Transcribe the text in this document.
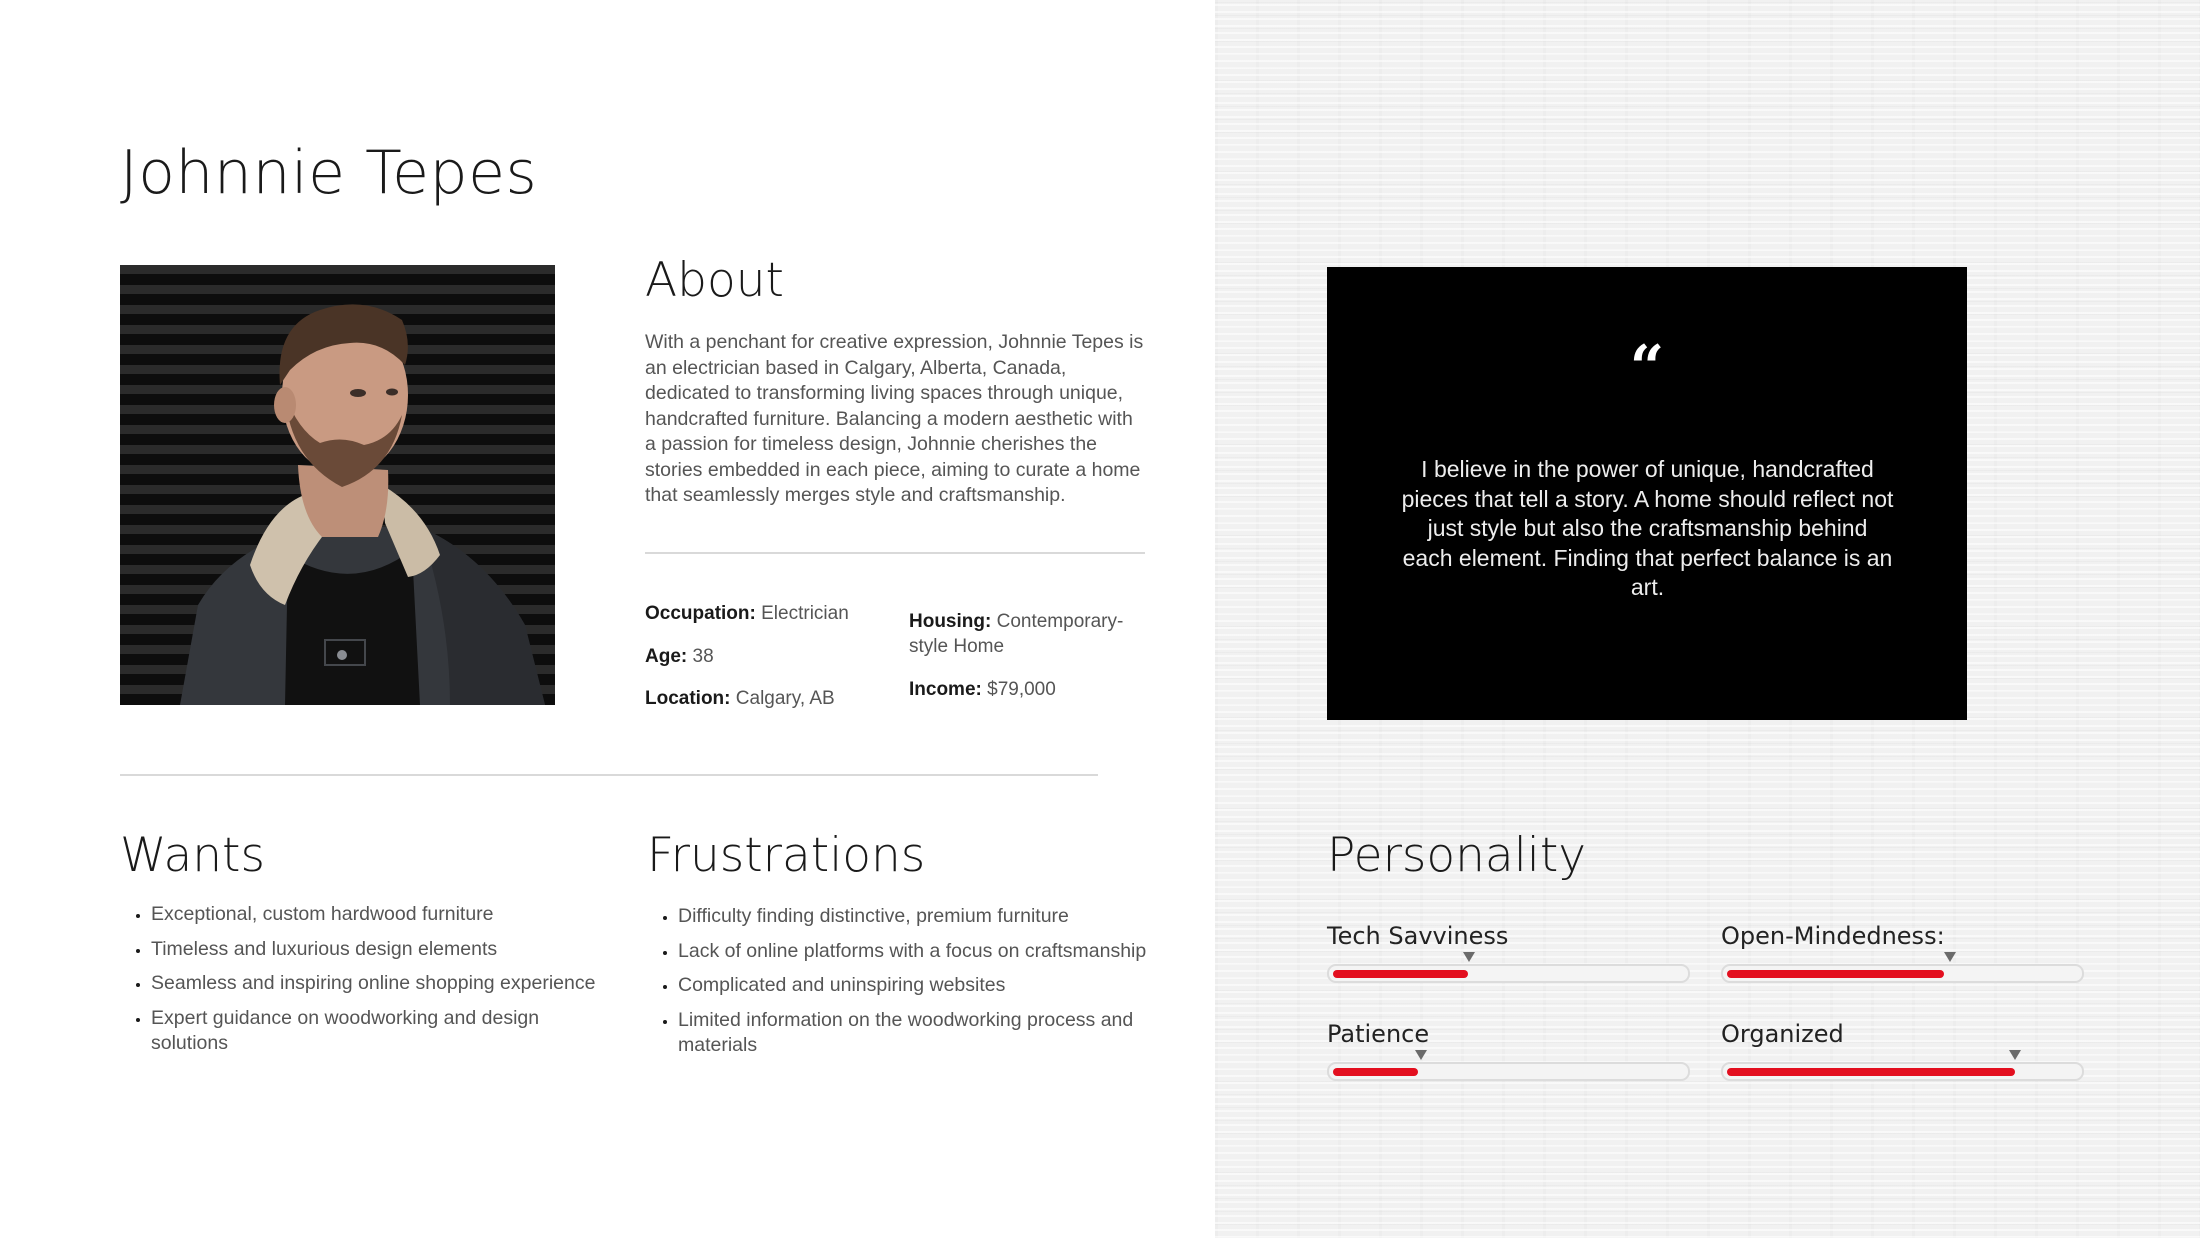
Johnnie Tepes
About

With a penchant for creative expression, Johnnie Tepes is an electrician based in Calgary, Alberta, Canada, dedicated to transforming living spaces through unique, handcrafted furniture. Balancing a modern aesthetic with a passion for timeless design, Johnnie cherishes the stories embedded in each piece, aiming to curate a home that seamlessly merges style and craftsmanship.

Occupation: Electrician
Age: 38
Location: Calgary, AB
Housing: Contemporary-style Home
Income: $79,000
Wants
• Exceptional, custom hardwood furniture
• Timeless and luxurious design elements
• Seamless and inspiring online shopping experience
• Expert guidance on woodworking and design solutions
Frustrations
• Difficulty finding distinctive, premium furniture
• Lack of online platforms with a focus on craftsmanship
• Complicated and uninspiring websites
• Limited information on the woodworking process and materials
“

I believe in the power of unique, handcrafted pieces that tell a story. A home should reflect not just style but also the craftsmanship behind each element. Finding that perfect balance is an art.

Personality
Tech Savviness	Open-Mindedness:
Patience	Organized
